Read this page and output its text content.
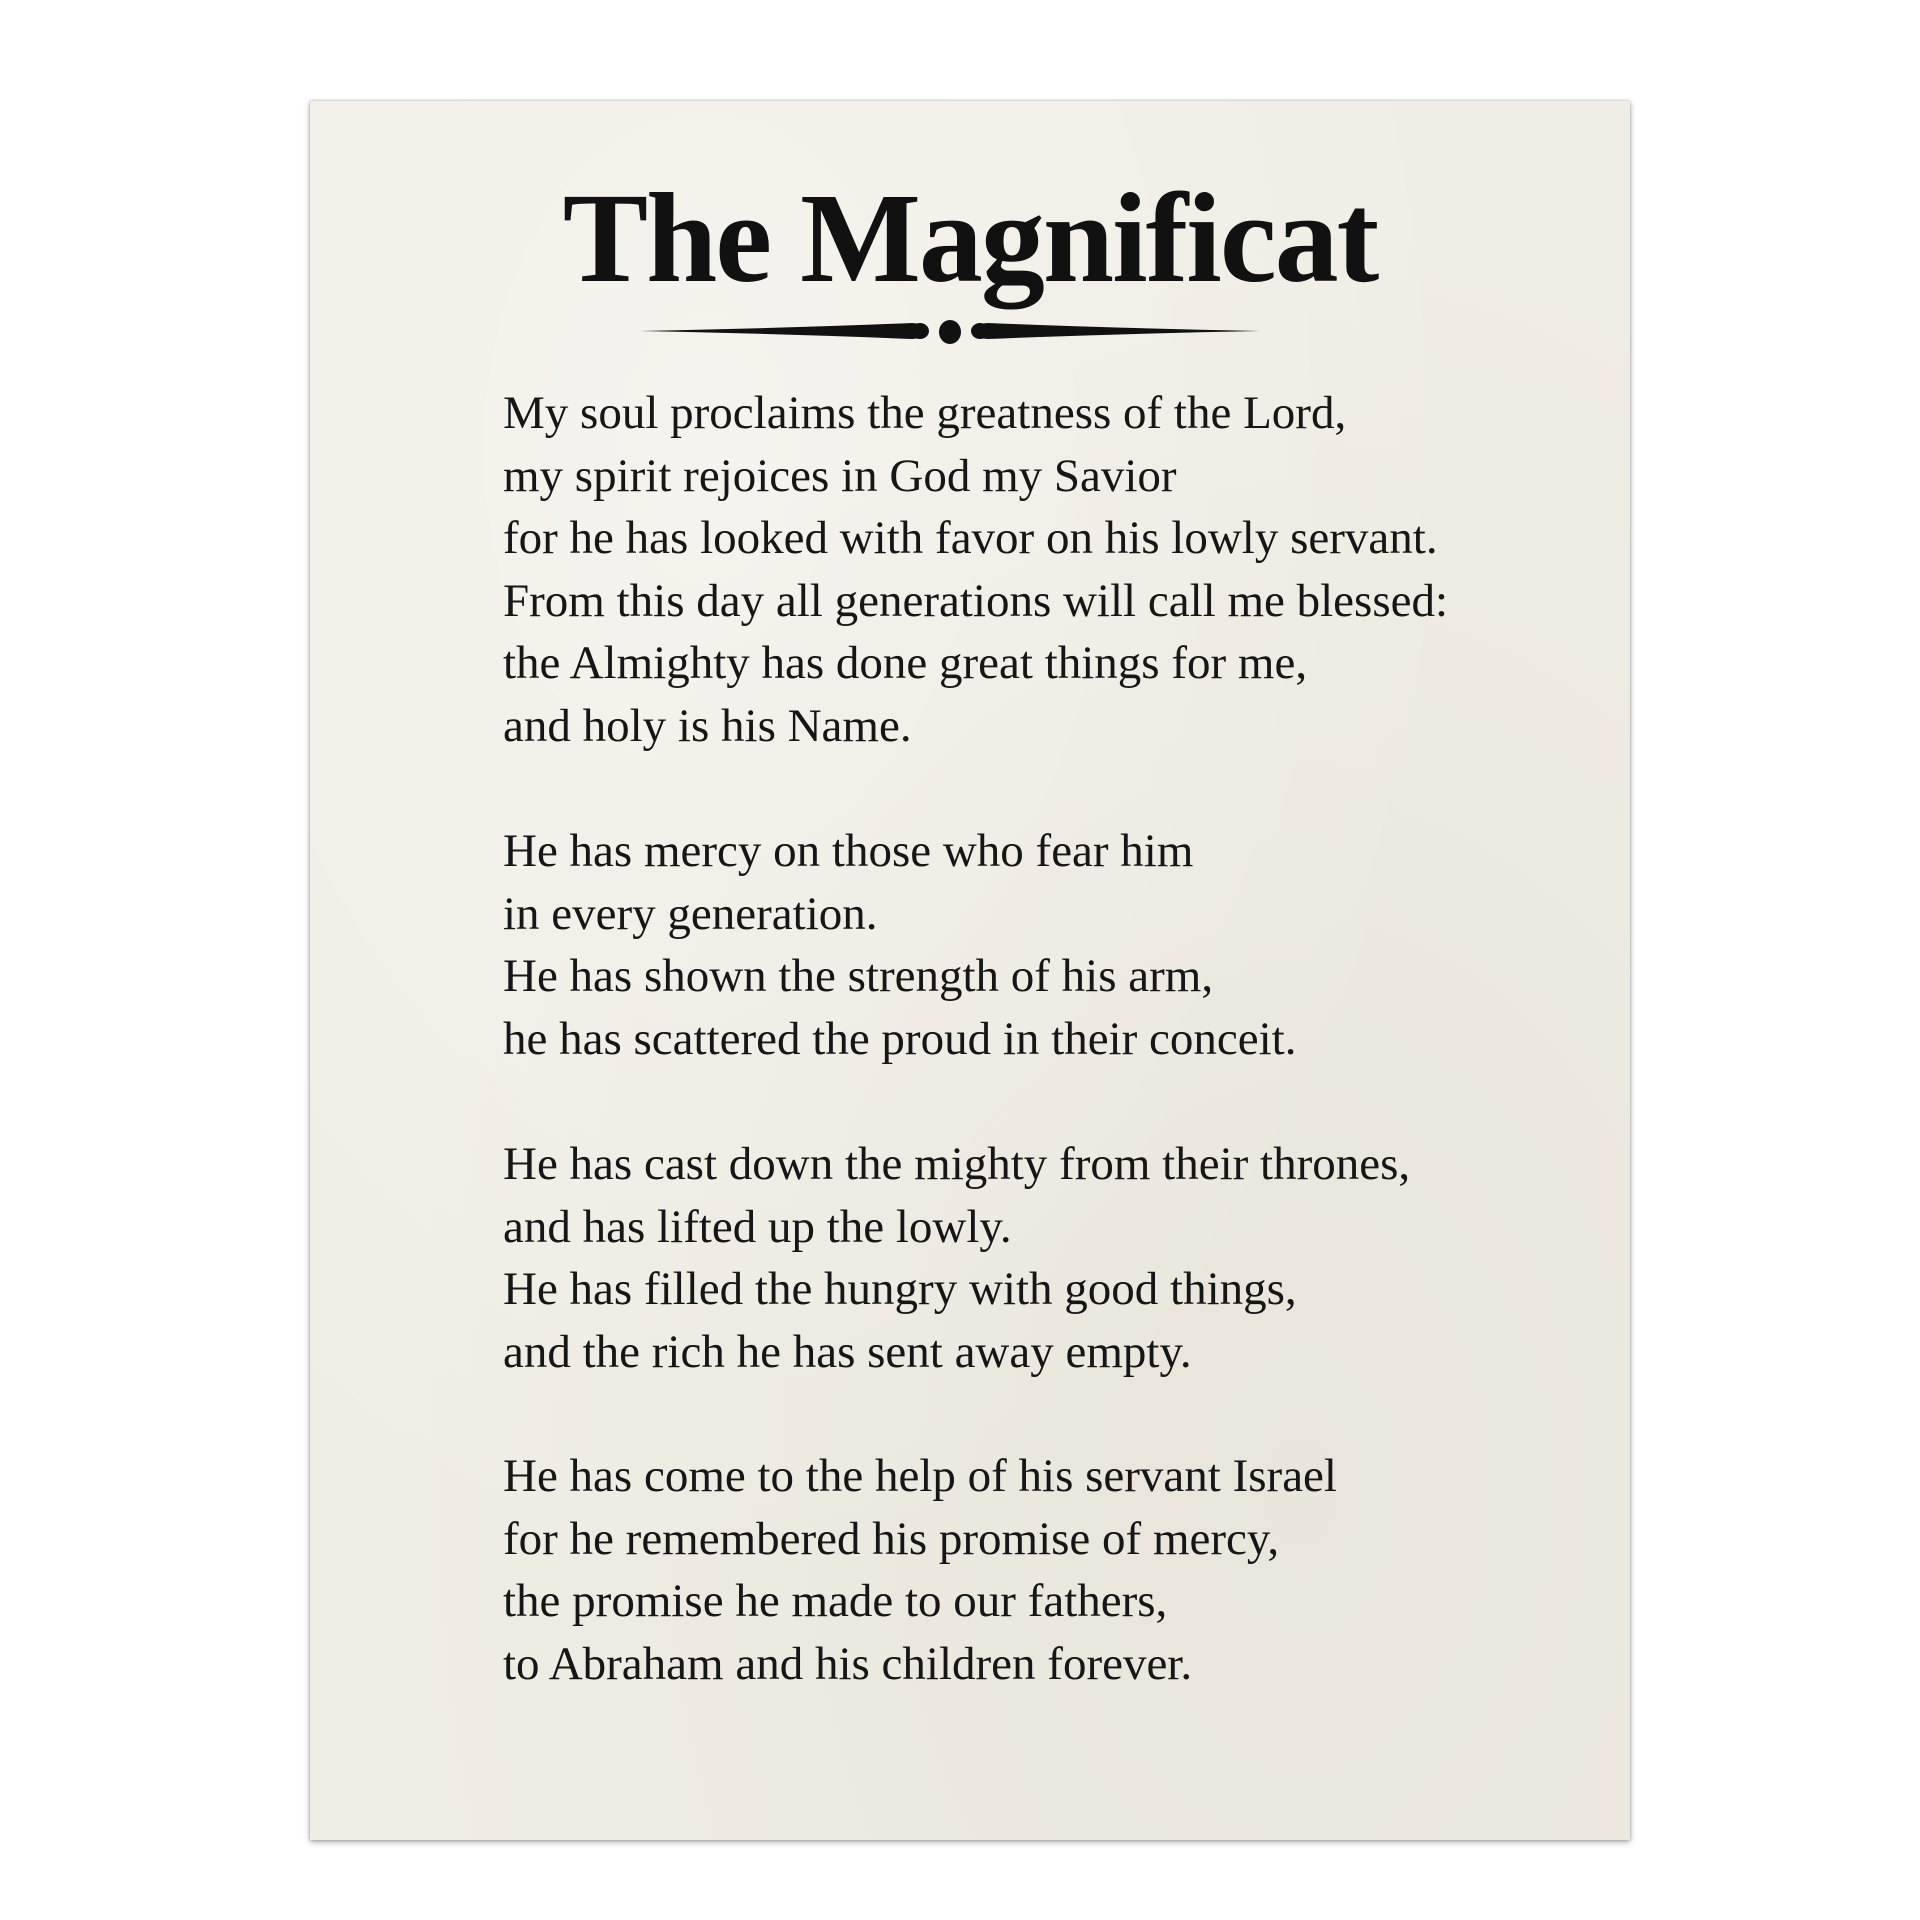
The Magnificat
My soul proclaims the greatness of the Lord,
my spirit rejoices in God my Savior
for he has looked with favor on his lowly servant.
From this day all generations will call me blessed:
the Almighty has done great things for me,
and holy is his Name.
He has mercy on those who fear him
in every generation.
He has shown the strength of his arm,
he has scattered the proud in their conceit.
He has cast down the mighty from their thrones,
and has lifted up the lowly.
He has filled the hungry with good things,
and the rich he has sent away empty.
He has come to the help of his servant Israel
for he remembered his promise of mercy,
the promise he made to our fathers,
to Abraham and his children forever.
